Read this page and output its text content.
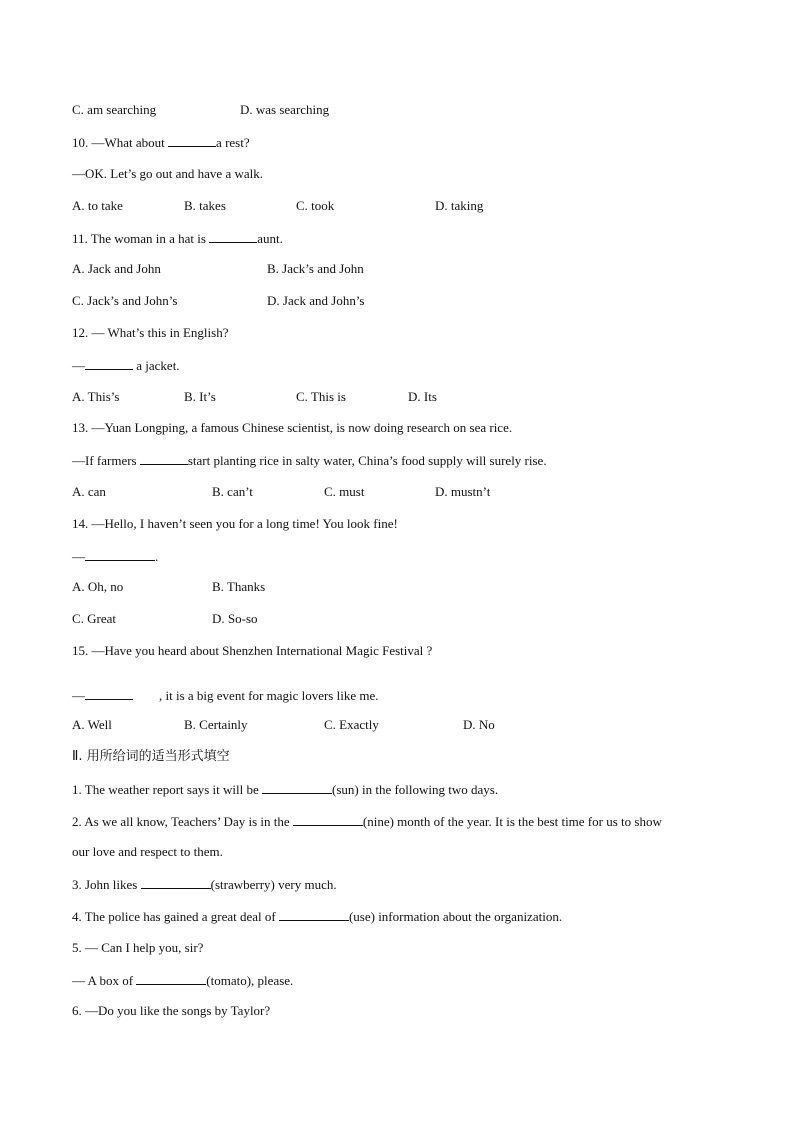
C. am searching	D. was searching
10. —What about	a rest?
—OK. Let’s go out and have a walk.
A. to take	B. takes	C. took	D. taking
11. The woman in a hat is	aunt.
A. Jack and John	B. Jack’s and John
C. Jack’s and John’s	D. Jack and John’s
12. — What’s this in English?
—	a jacket.
A. This’s	B. It’s	C. This is	D. Its
13. —Yuan Longping, a famous Chinese scientist, is now doing research on sea rice.
—If farmers	start planting rice in salty water, China’s food supply will surely rise.
A. can	B. can’t	C. must	D. mustn’t
14. —Hello, I haven’t seen you for a long time! You look fine!
—	.
A. Oh, no	B. Thanks
C. Great	D. So-so
15. —Have you heard about Shenzhen International Magic Festival ?
—	, it is a big event for magic lovers like me.
A. Well	B. Certainly	C. Exactly	D. No
Ⅱ. 用所给词的适当形式填空
1. The weather report says it will be	(sun) in the following two days.
2. As we all know, Teachers’ Day is in the	(nine) month of the year. It is the best time for us to show
our love and respect to them.
3. John likes	(strawberry) very much.
4. The police has gained a great deal of	(use) information about the organization.
5. — Can I help you, sir?
— A box of	(tomato), please.
6. —Do you like the songs by Taylor?
